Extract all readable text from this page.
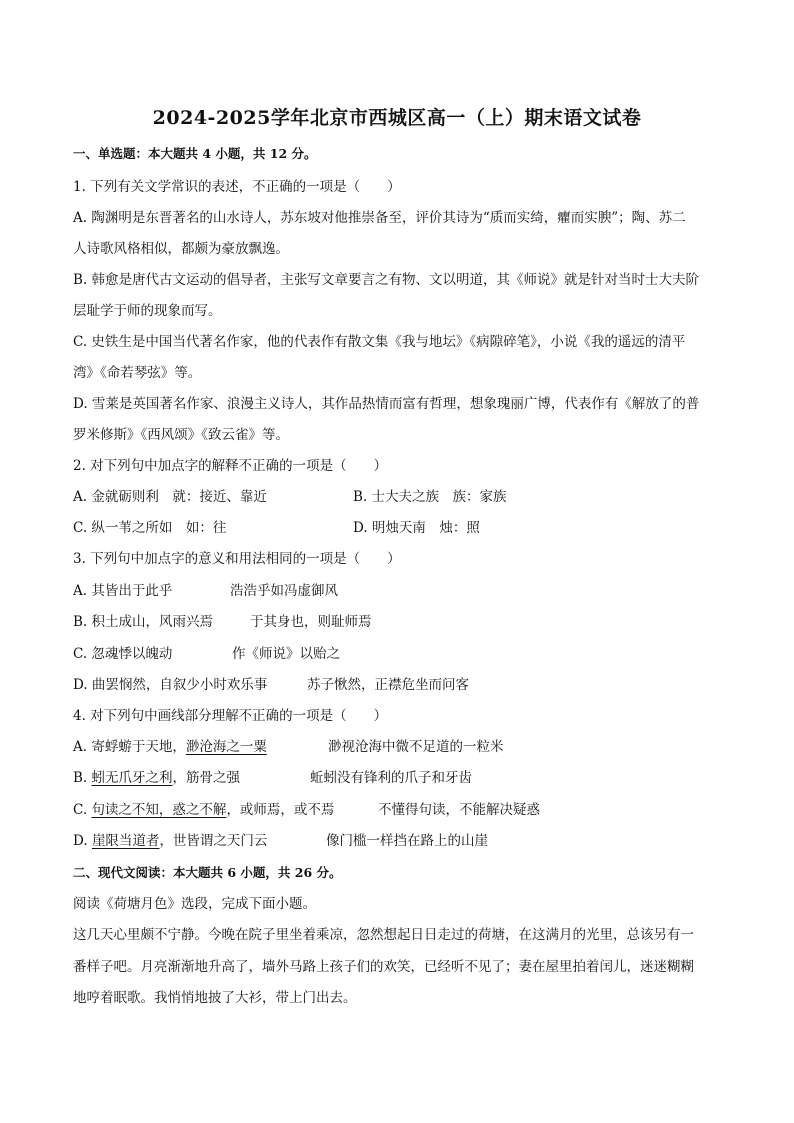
2024-2025学年北京市西城区高一（上）期末语文试卷
一、单选题：本大题共 4 小题，共 12 分。
1. 下列有关文学常识的表述，不正确的一项是（　　）
A. 陶渊明是东晋著名的山水诗人，苏东坡对他推崇备至，评价其诗为“质而实绮，癯而实腴”；陶、苏二
人诗歌风格相似，都颇为豪放飘逸。
B. 韩愈是唐代古文运动的倡导者，主张写文章要言之有物、文以明道，其《师说》就是针对当时士大夫阶
层耻学于师的现象而写。
C. 史铁生是中国当代著名作家，他的代表作有散文集《我与地坛》《病隙碎笔》，小说《我的遥远的清平
湾》《命若琴弦》等。
D. 雪莱是英国著名作家、浪漫主义诗人，其作品热情而富有哲理，想象瑰丽广博，代表作有《解放了的普
罗米修斯》《西风颂》《致云雀》等。
2. 对下列句中加点字的解释不正确的一项是（　　）
A. 金就砺则利　就：接近、靠近	B. 士大夫之族　族：家族
C. 纵一苇之所如　如：往	D. 明烛天南　烛：照
3. 下列句中加点字的意义和用法相同的一项是（　　）
A. 其皆出于此乎	浩浩乎如冯虚御风
B. 积土成山，风雨兴焉	于其身也，则耻师焉
C. 忽魂悸以魄动	作《师说》以贻之
D. 曲罢悯然，自叙少小时欢乐事	苏子愀然，正襟危坐而问客
4. 对下列句中画线部分理解不正确的一项是（　　）
A. 寄蜉蝣于天地，渺沧海之一粟	渺视沧海中微不足道的一粒米
B. 蚓无爪牙之利，筋骨之强	蚯蚓没有锋利的爪子和牙齿
C. 句读之不知，惑之不解，或师焉，或不焉	不懂得句读，不能解决疑惑
D. 崖限当道者，世皆谓之天门云	像门槛一样挡在路上的山崖
二、现代文阅读：本大题共 6 小题，共 26 分。
阅读《荷塘月色》选段，完成下面小题。
这几天心里颇不宁静。今晚在院子里坐着乘凉，忽然想起日日走过的荷塘，在这满月的光里，总该另有一
番样子吧。月亮渐渐地升高了，墙外马路上孩子们的欢笑，已经听不见了；妻在屋里拍着闰儿，迷迷糊糊
地哼着眠歌。我悄悄地披了大衫，带上门出去。
